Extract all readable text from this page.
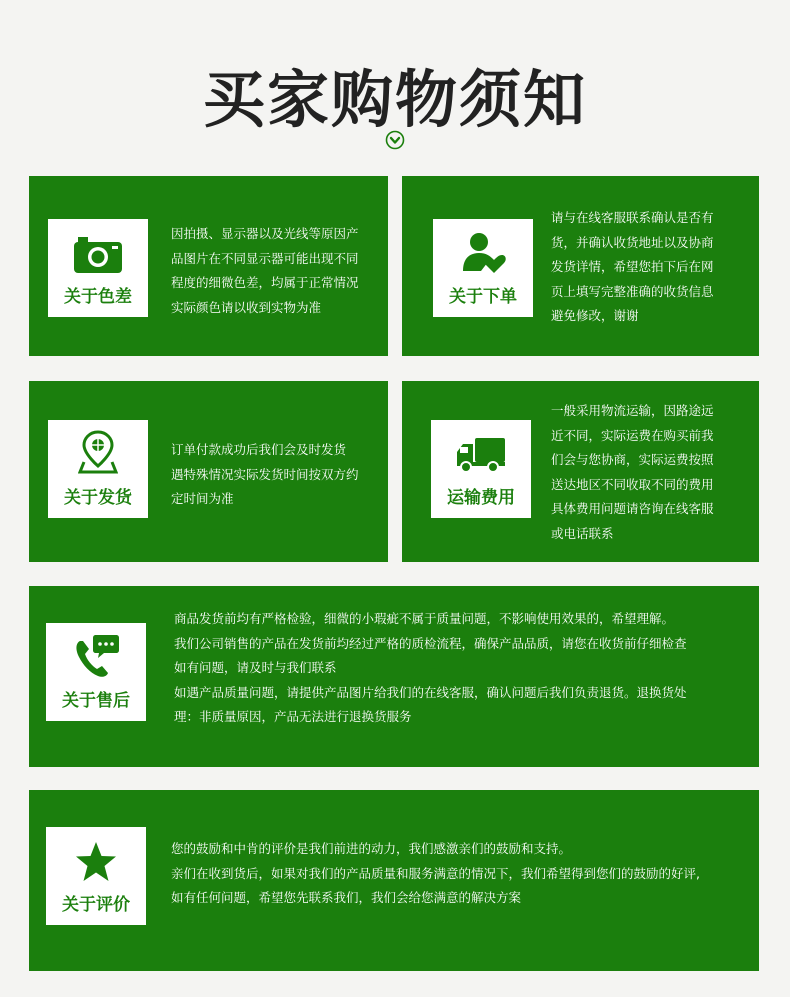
买家购物须知
关于色差

因拍摄、显示器以及光线等原因产

品图片在不同显示器可能出现不同

程度的细微色差，均属于正常情况

实际颜色请以收到实物为准	关于下单

请与在线客服联系确认是否有

货，并确认收货地址以及协商

发货详情，希望您拍下后在网

页上填写完整准确的收货信息

避免修改，谢谢

关于发货

订单付款成功后我们会及时发货

遇特殊情况实际发货时间按双方约

定时间为准	运输费用

一般采用物流运输，因路途远

近不同，实际运费在购买前我

们会与您协商，实际运费按照

送达地区不同收取不同的费用

具体费用问题请咨询在线客服

或电话联系

关于售后

商品发货前均有严格检验，细微的小瑕疵不属于质量问题，不影响使用效果的，希望理解。

我们公司销售的产品在发货前均经过严格的质检流程，确保产品品质，请您在收货前仔细检查

如有问题，请及时与我们联系

如遇产品质量问题，请提供产品图片给我们的在线客服，确认问题后我们负责退货。退换货处

理：非质量原因，产品无法进行退换货服务

关于评价

您的鼓励和中肯的评价是我们前进的动力，我们感激亲们的鼓励和支持。

亲们在收到货后，如果对我们的产品质量和服务满意的情况下，我们希望得到您们的鼓励的好评,

如有任何问题，希望您先联系我们，我们会给您满意的解决方案
